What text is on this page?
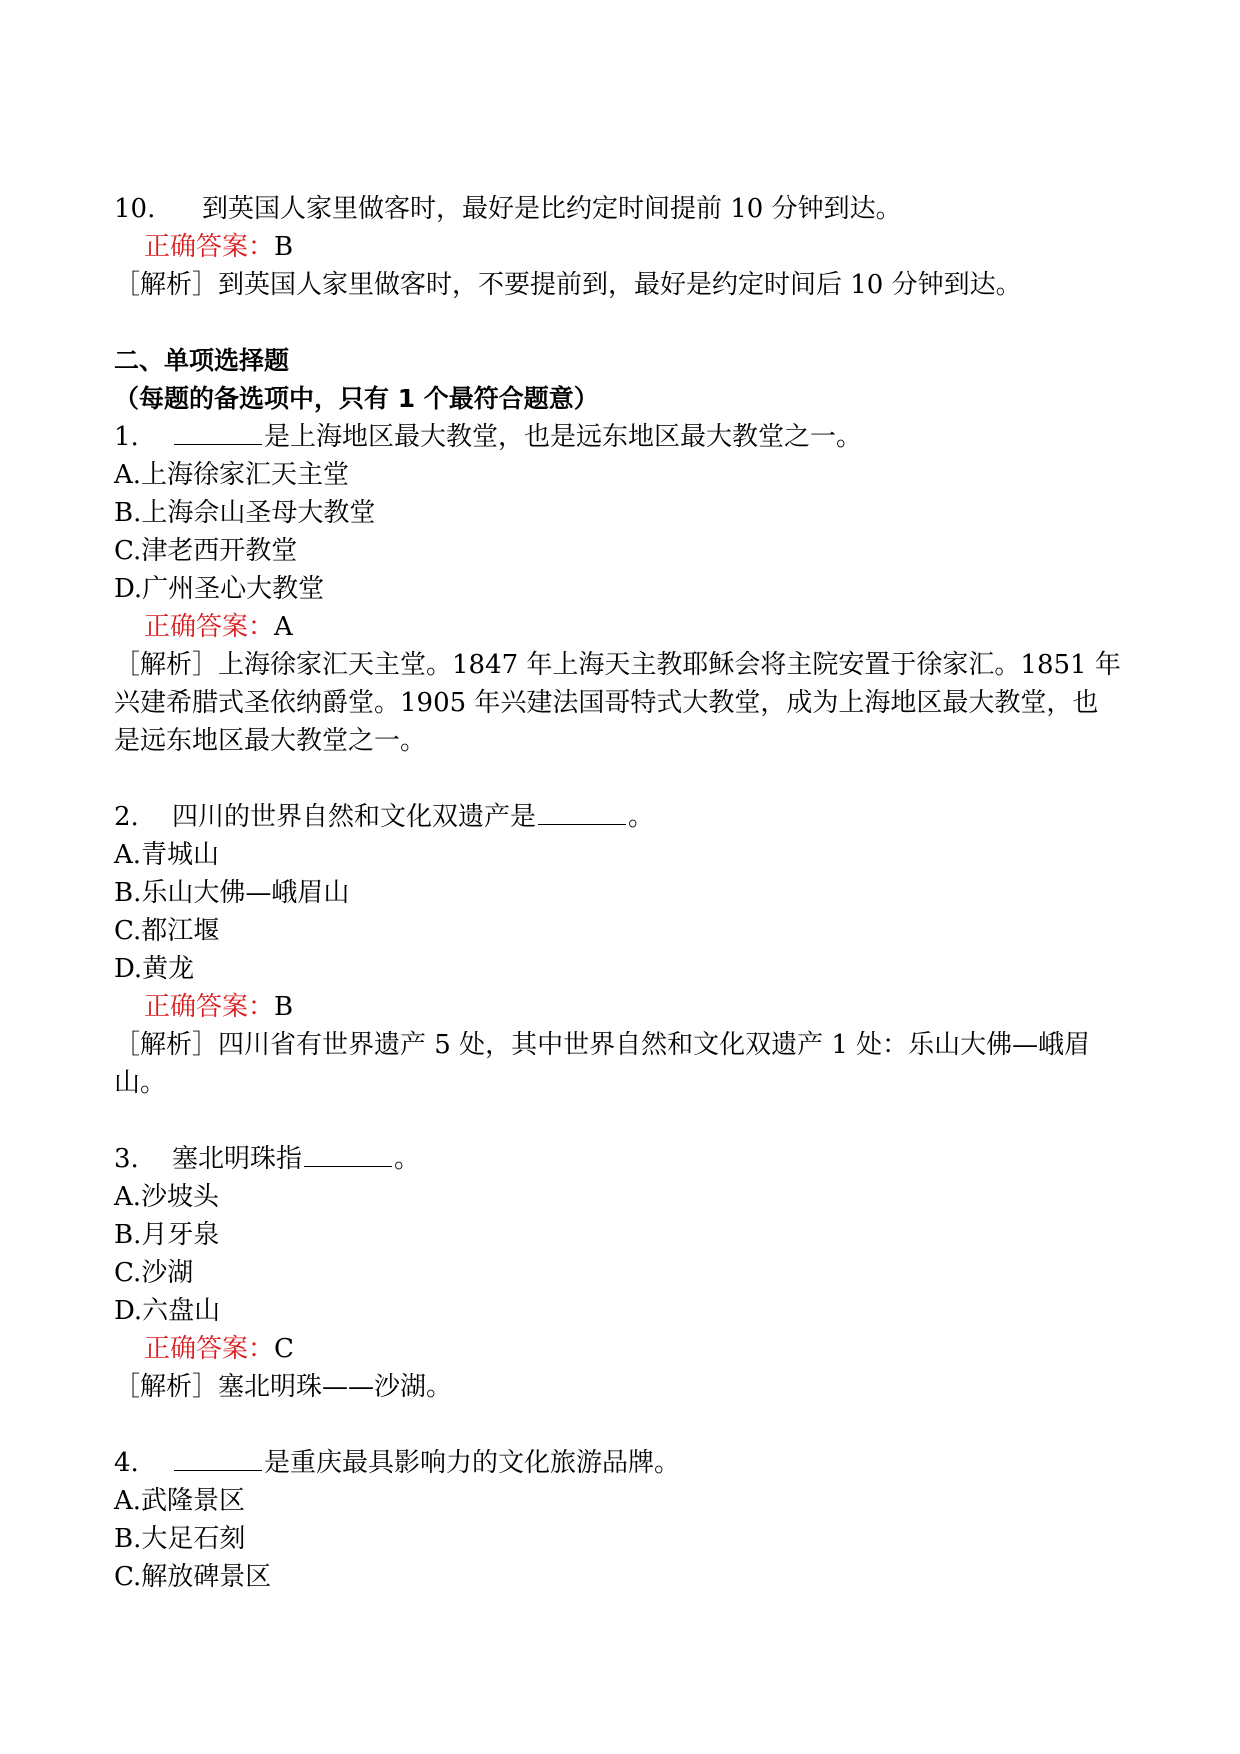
10. 到英国人家里做客时，最好是比约定时间提前 10 分钟到达。
正确答案：B
［解析］到英国人家里做客时，不要提前到，最好是约定时间后 10 分钟到达。
二、单项选择题
（每题的备选项中，只有 1 个最符合题意）
1.	是上海地区最大教堂，也是远东地区最大教堂之一。
A.上海徐家汇天主堂
B.上海佘山圣母大教堂
C.津老西开教堂
D.广州圣心大教堂
正确答案：A
［解析］上海徐家汇天主堂。1847 年上海天主教耶稣会将主院安置于徐家汇。1851 年兴建希腊式圣依纳爵堂。1905 年兴建法国哥特式大教堂，成为上海地区最大教堂，也是远东地区最大教堂之一。
2. 四川的世界自然和文化双遗产是	。
A.青城山
B.乐山大佛—峨眉山
C.都江堰
D.黄龙
正确答案：B
［解析］四川省有世界遗产 5 处，其中世界自然和文化双遗产 1 处：乐山大佛—峨眉山。
3. 塞北明珠指	。
A.沙坡头
B.月牙泉
C.沙湖
D.六盘山
正确答案：C
［解析］塞北明珠——沙湖。
4.	是重庆最具影响力的文化旅游品牌。
A.武隆景区
B.大足石刻
C.解放碑景区
